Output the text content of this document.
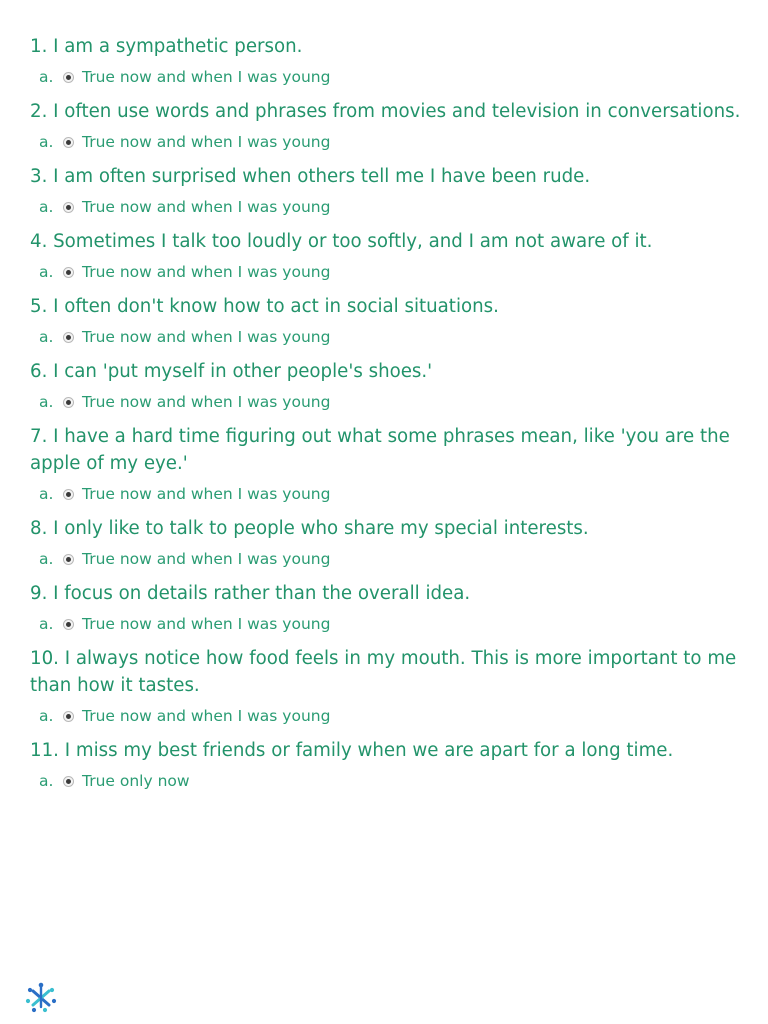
1. I am a sympathetic person.

a.	True now and when I was young

2. I often use words and phrases from movies and television in conversations.

a.	True now and when I was young

3. I am often surprised when others tell me I have been rude.

a.	True now and when I was young

4. Sometimes I talk too loudly or too softly, and I am not aware of it.

a.	True now and when I was young

5. I often don't know how to act in social situations.

a.	True now and when I was young

6. I can 'put myself in other people's shoes.'

a.	True now and when I was young

7. I have a hard time figuring out what some phrases mean, like 'you are the apple of my eye.'

a.	True now and when I was young

8. I only like to talk to people who share my special interests.

a.	True now and when I was young

9. I focus on details rather than the overall idea.

a.	True now and when I was young

10. I always notice how food feels in my mouth. This is more important to me than how it tastes.

a.	True now and when I was young

11. I miss my best friends or family when we are apart for a long time.

a.	True only now
